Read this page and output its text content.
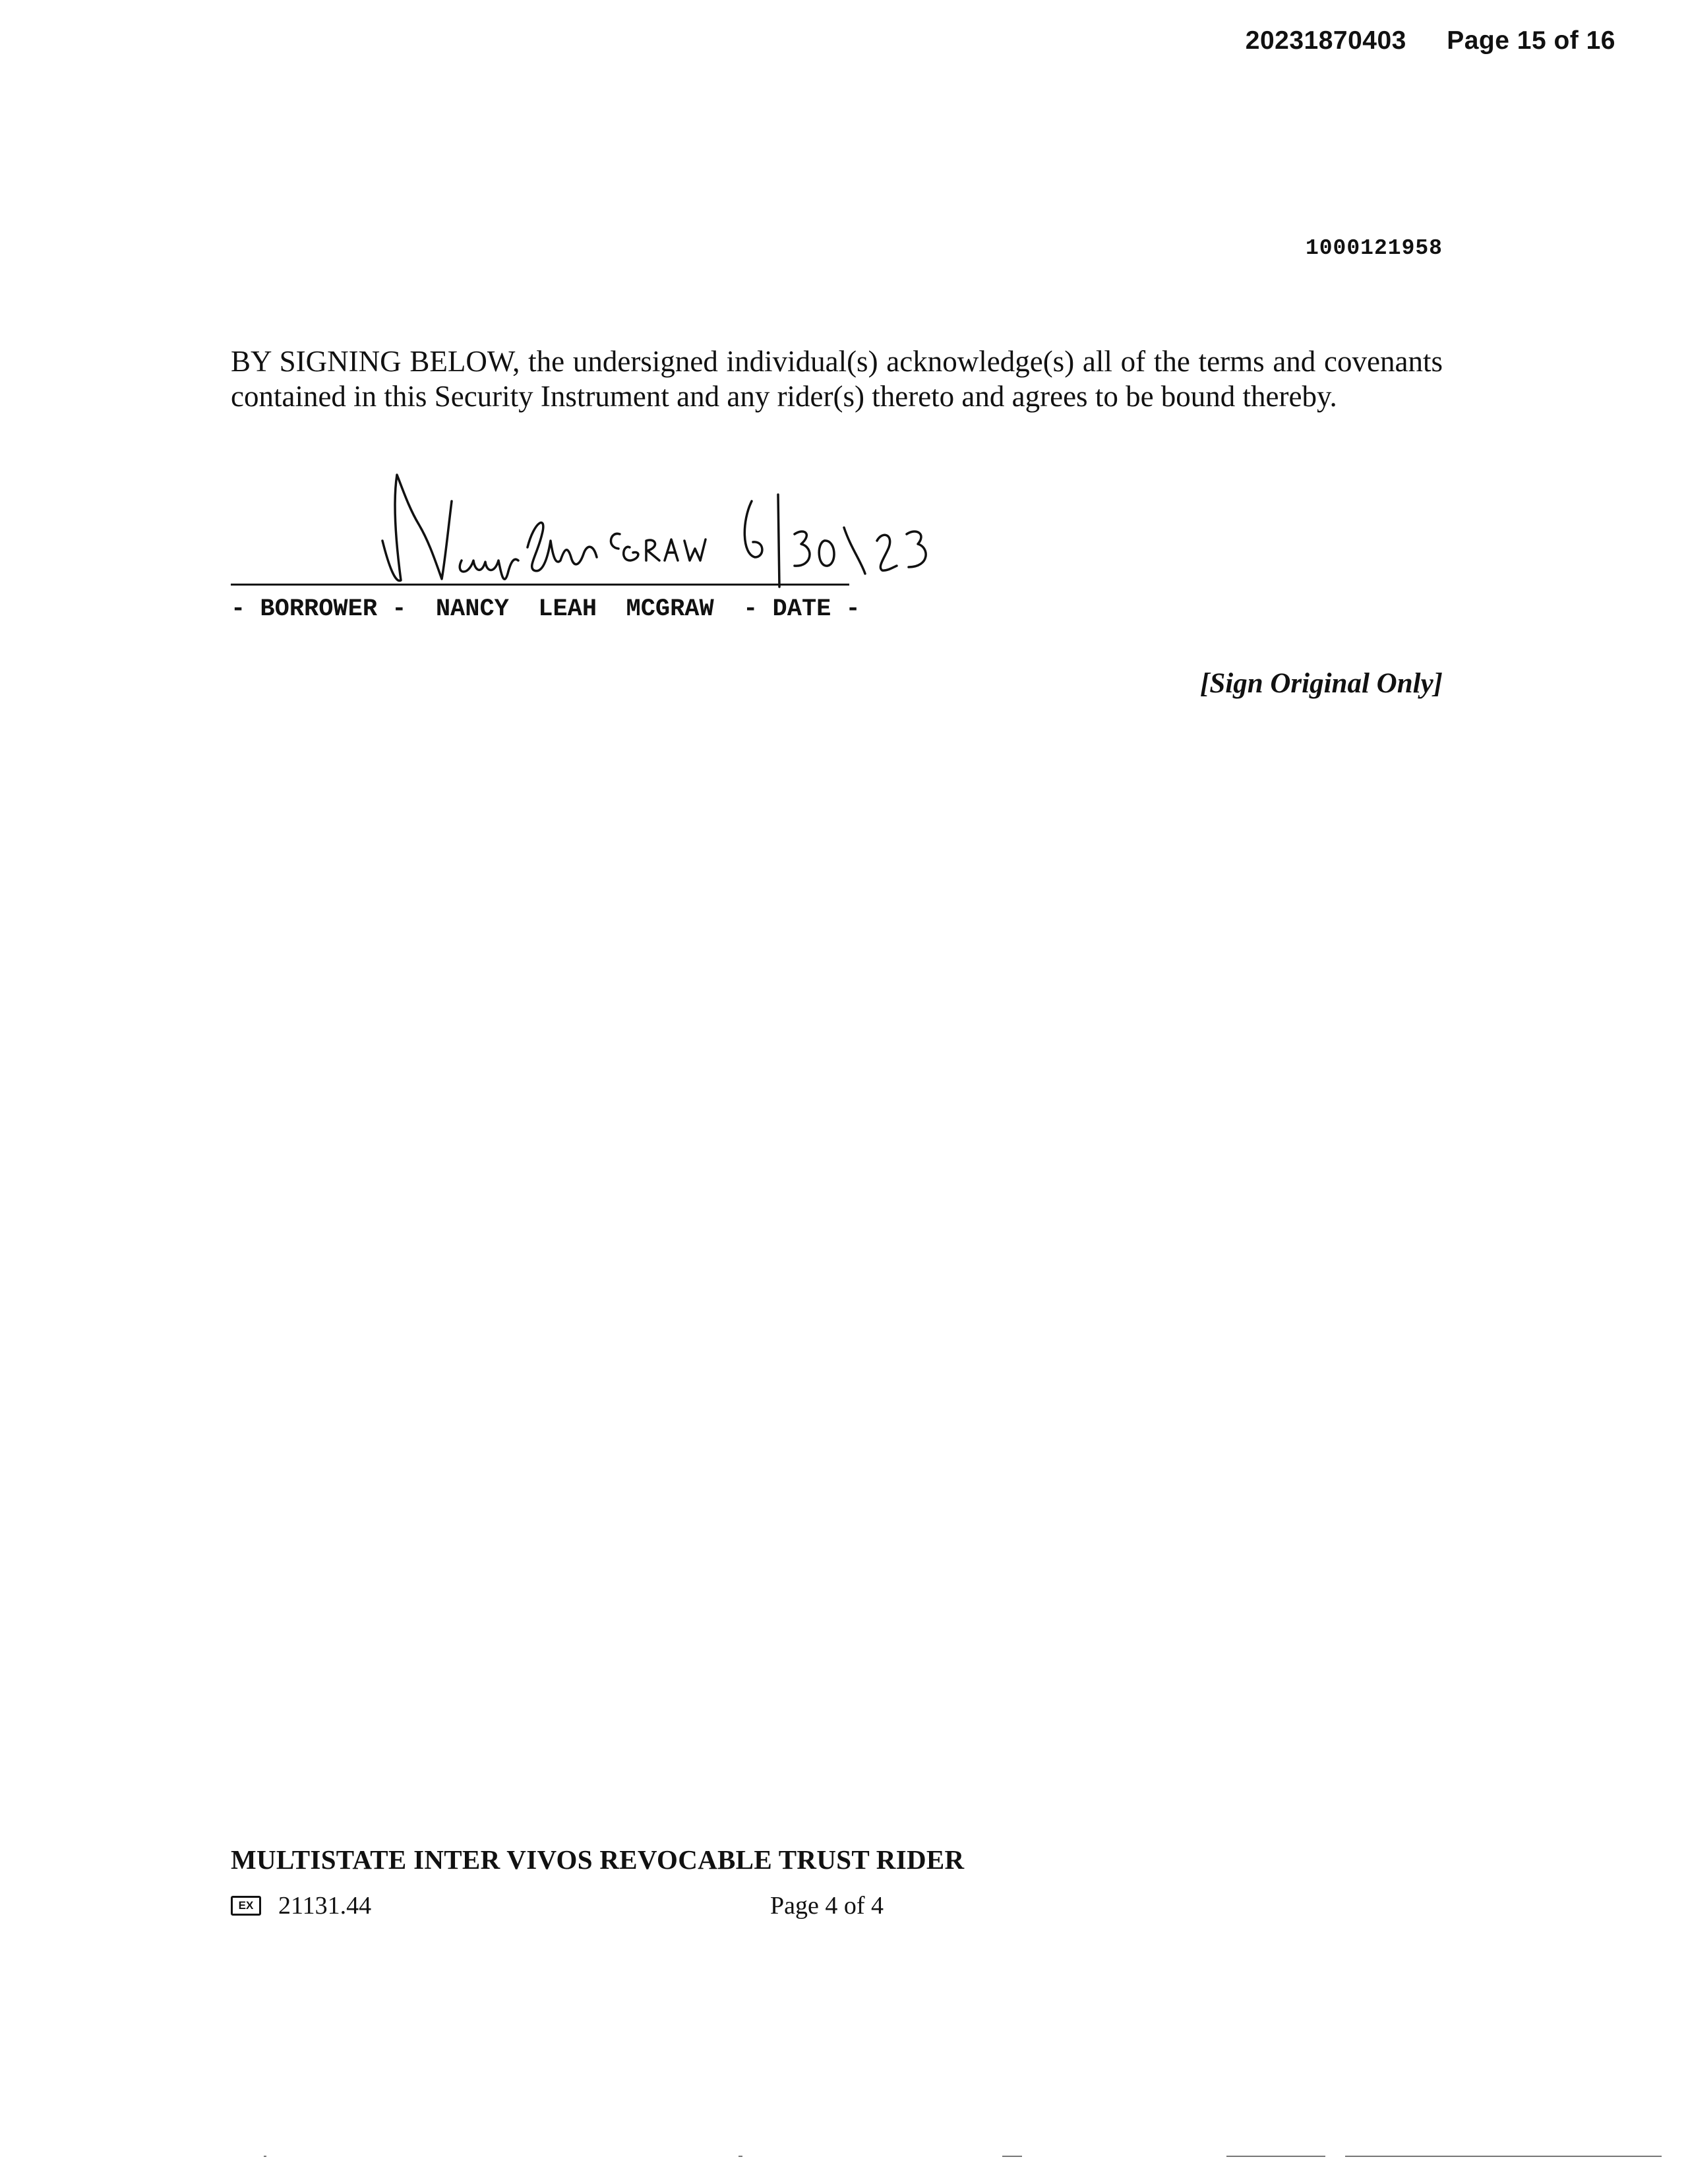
20231870403 Page 15 of 16
1000121958
BY SIGNING BELOW, the undersigned individual(s) acknowledge(s) all of the terms and covenants contained in this Security Instrument and any rider(s) thereto and agrees to be bound thereby.
Nancy McGraw 6/30/23
- BORROWER -  NANCY  LEAH  MCGRAW  - DATE -
[Sign Original Only]
MULTISTATE INTER VIVOS REVOCABLE TRUST RIDER
EX 21131.44	Page 4 of 4
